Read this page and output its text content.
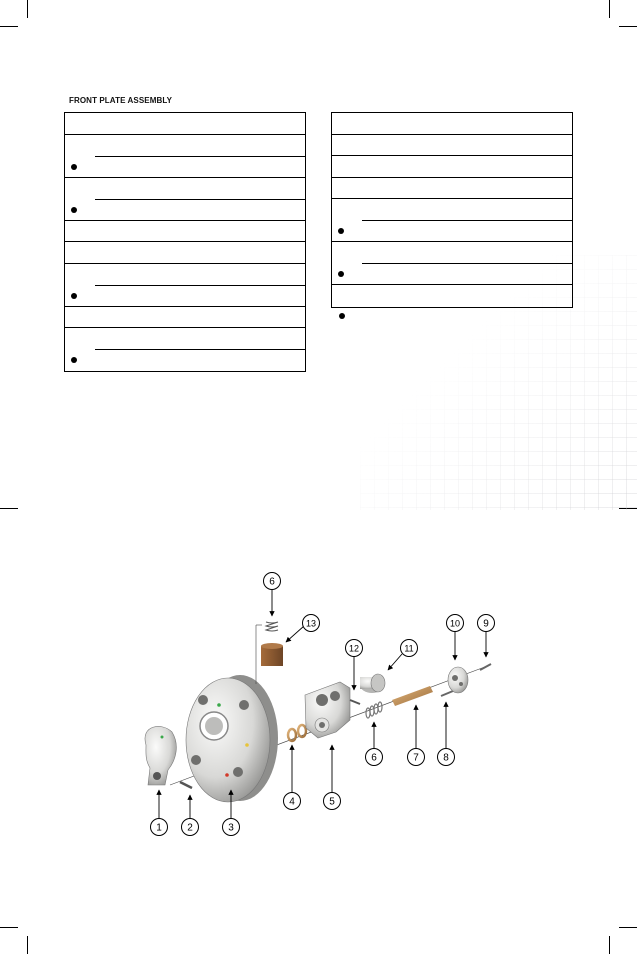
FRONT PLATE ASSEMBLY
1	2	3
4	5
6
6	7 8
9
10
11
12
13
